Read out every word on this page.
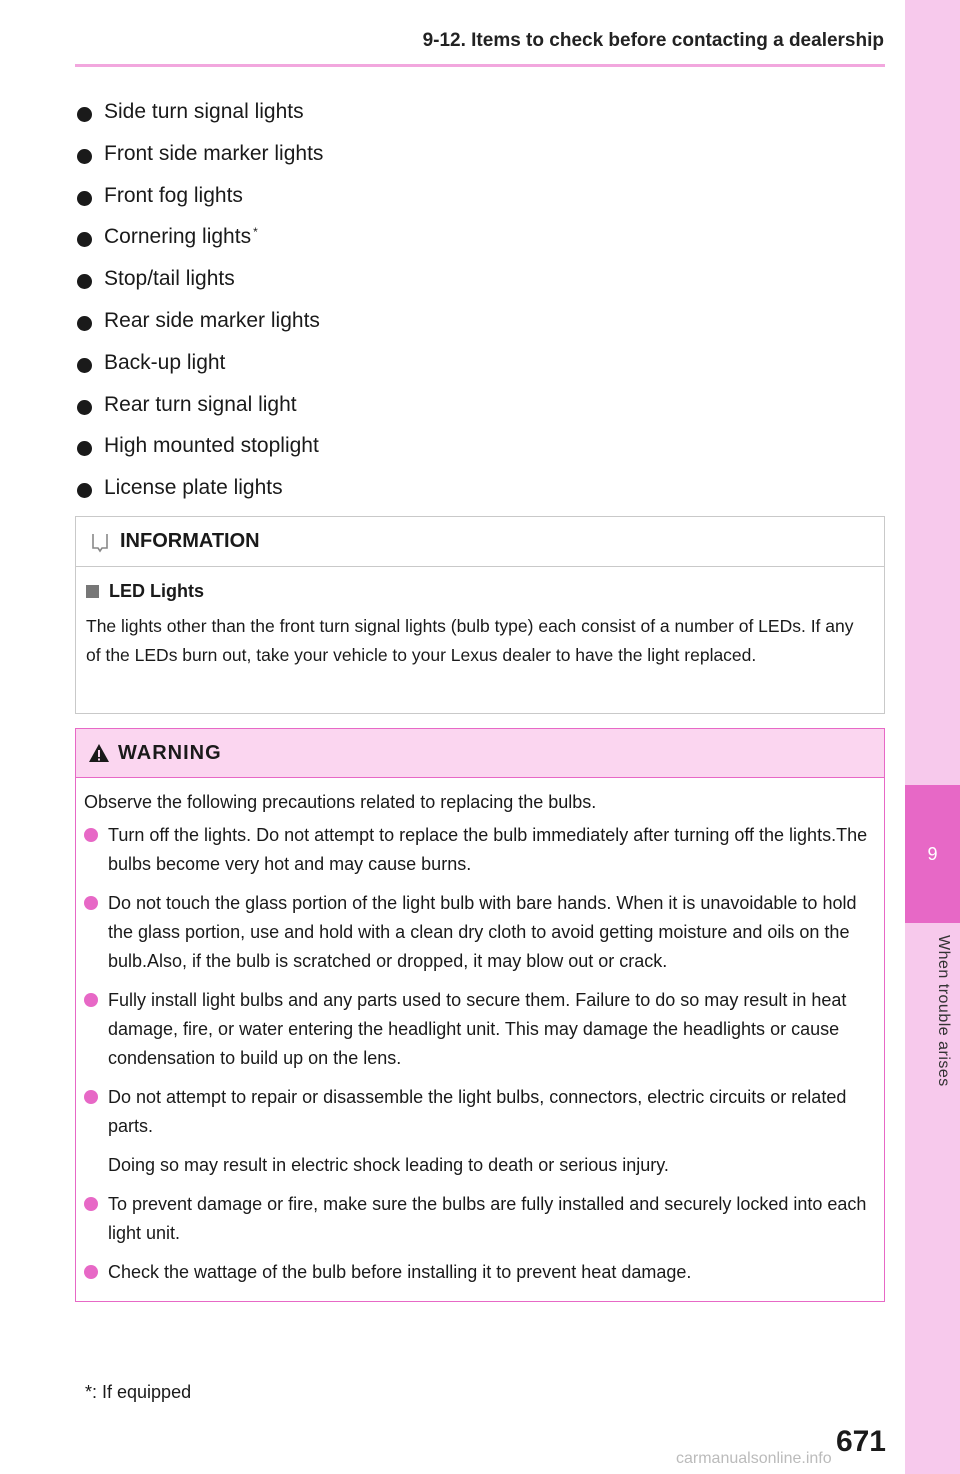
9
When trouble arises
9-12. Items to check before contacting a dealership
Side turn signal lights
Front side marker lights
Front fog lights
Cornering lights*
Stop/tail lights
Rear side marker lights
Back-up light
Rear turn signal light
High mounted stoplight
License plate lights
INFORMATION
LED Lights
The lights other than the front turn signal lights (bulb type) each consist of a number of LEDs. If any of the LEDs burn out, take your vehicle to your Lexus dealer to have the light replaced.
WARNING
Observe the following precautions related to replacing the bulbs.
Turn off the lights. Do not attempt to replace the bulb immediately after turning off the lights.The bulbs become very hot and may cause burns.
Do not touch the glass portion of the light bulb with bare hands. When it is unavoidable to hold the glass portion, use and hold with a clean dry cloth to avoid getting moisture and oils on the bulb.Also, if the bulb is scratched or dropped, it may blow out or crack.
Fully install light bulbs and any parts used to secure them. Failure to do so may result in heat damage, fire, or water entering the headlight unit. This may damage the headlights or cause condensation to build up on the lens.
Do not attempt to repair or disassemble the light bulbs, connectors, electric circuits or related parts.
Doing so may result in electric shock leading to death or serious injury.
To prevent damage or fire, make sure the bulbs are fully installed and securely locked into each light unit.
Check the wattage of the bulb before installing it to prevent heat damage.
*: If equipped
671
carmanualsonline.info
